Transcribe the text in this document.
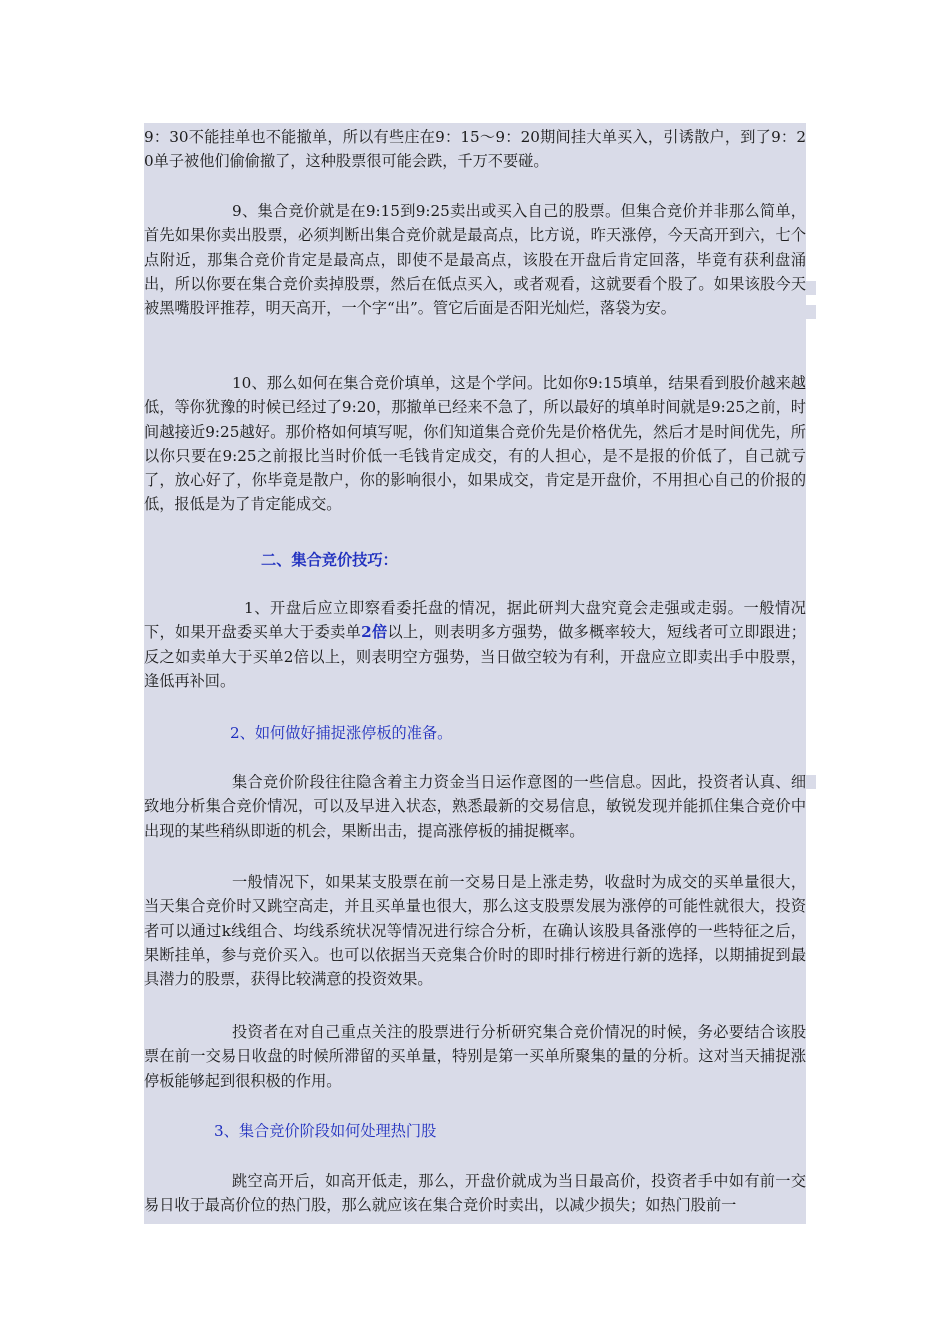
9：30不能挂单也不能撤单，所以有些庄在9：15～9：20期间挂大单买入，引诱散户，到了9：20单子被他们偷偷撤了，这种股票很可能会跌，千万不要碰。
9、集合竞价就是在9:15到9:25卖出或买入自己的股票。但集合竞价并非那么简单，首先如果你卖出股票，必须判断出集合竞价就是最高点，比方说，昨天涨停，今天高开到六，七个点附近，那集合竞价肯定是最高点，即使不是最高点，该股在开盘后肯定回落，毕竟有获利盘涌出，所以你要在集合竞价卖掉股票，然后在低点买入，或者观看，这就要看个股了。如果该股今天被黑嘴股评推荐，明天高开，一个字“出”。管它后面是否阳光灿烂，落袋为安。
10、那么如何在集合竞价填单，这是个学问。比如你9:15填单，结果看到股价越来越低，等你犹豫的时候已经过了9:20，那撤单已经来不急了，所以最好的填单时间就是9:25之前，时间越接近9:25越好。那价格如何填写呢，你们知道集合竞价先是价格优先，然后才是时间优先，所以你只要在9:25之前报比当时价低一毛钱肯定成交，有的人担心，是不是报的价低了，自己就亏了，放心好了，你毕竟是散户，你的影响很小，如果成交，肯定是开盘价，不用担心自己的价报的低，报低是为了肯定能成交。
二、集合竞价技巧：
1、开盘后应立即察看委托盘的情况，据此研判大盘究竟会走强或走弱。一般情况下，如果开盘委买单大于委卖单2倍以上，则表明多方强势，做多概率较大，短线者可立即跟进；反之如卖单大于买单2倍以上，则表明空方强势，当日做空较为有利，开盘应立即卖出手中股票，逢低再补回。
2、如何做好捕捉涨停板的准备。
集合竞价阶段往往隐含着主力资金当日运作意图的一些信息。因此，投资者认真、细致地分析集合竞价情况，可以及早进入状态，熟悉最新的交易信息，敏锐发现并能抓住集合竞价中出现的某些稍纵即逝的机会，果断出击，提高涨停板的捕捉概率。
一般情况下，如果某支股票在前一交易日是上涨走势，收盘时为成交的买单量很大，当天集合竞价时又跳空高走，并且买单量也很大，那么这支股票发展为涨停的可能性就很大，投资者可以通过k线组合、均线系统状况等情况进行综合分析，在确认该股具备涨停的一些特征之后，果断挂单，参与竞价买入。也可以依据当天竞集合价时的即时排行榜进行新的选择，以期捕捉到最具潜力的股票，获得比较满意的投资效果。
投资者在对自己重点关注的股票进行分析研究集合竞价情况的时候，务必要结合该股票在前一交易日收盘的时候所滞留的买单量，特别是第一买单所聚集的量的分析。这对当天捕捉涨停板能够起到很积极的作用。
3、集合竞价阶段如何处理热门股
跳空高开后，如高开低走，那么，开盘价就成为当日最高价，投资者手中如有前一交易日收于最高价位的热门股，那么就应该在集合竞价时卖出，以减少损失；如热门股前一
